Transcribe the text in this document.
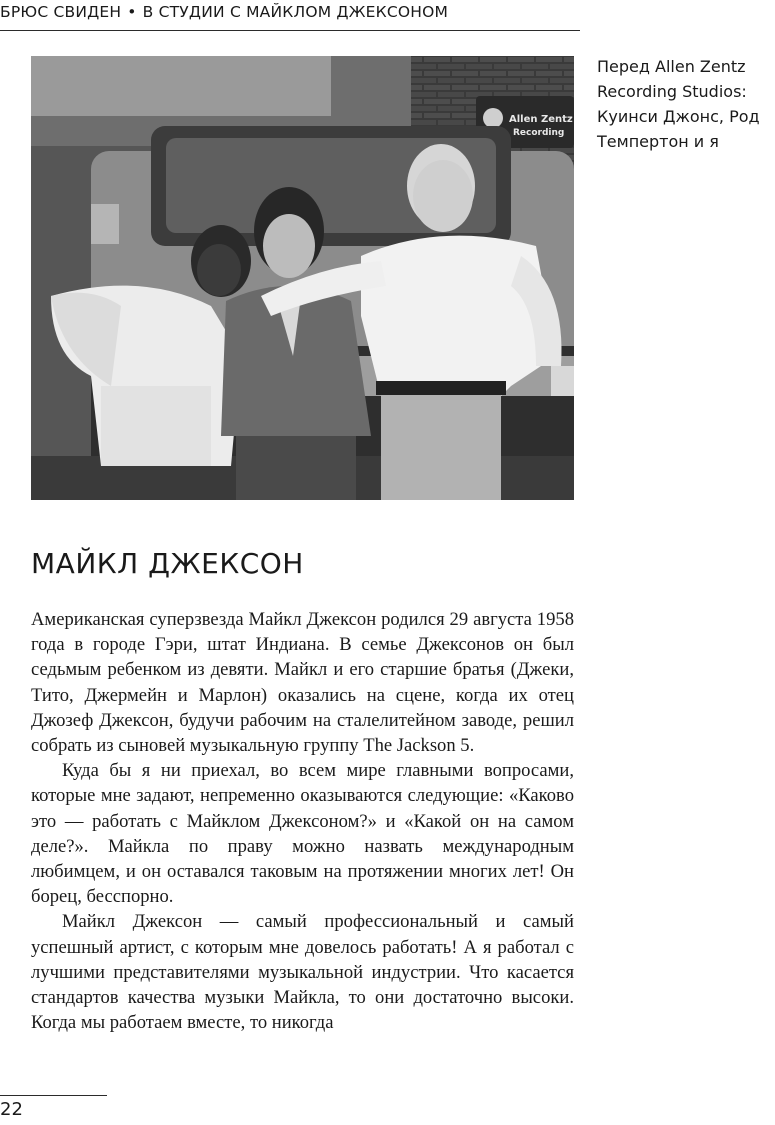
БРЮС СВИДЕН • В СТУДИИ С МАЙКЛОМ ДЖЕКСОНОМ
Allen Zentz
Recording
Перед Allen Zentz Recording Studios: Куинси Джонс, Род Темпертон и я
МАЙКЛ ДЖЕКСОН

Американская суперзвезда Майкл Джексон родился 29 августа 1958 года в городе Гэри, штат Индиана. В семье Джексонов он был седьмым ребенком из девяти. Майкл и его старшие братья (Джеки, Тито, Джермейн и Марлон) оказались на сцене, когда их отец Джозеф Джексон, будучи рабочим на сталелитейном заводе, решил собрать из сыновей музыкальную группу The Jackson 5.

Куда бы я ни приехал, во всем мире главными вопросами, которые мне задают, непременно оказываются следующие: «Каково это — работать с Майклом Джексоном?» и «Какой он на самом деле?». Майкла по праву можно назвать международным любимцем, и он оставался таковым на протяжении многих лет! Он борец, бесспорно.

Майкл Джексон — самый профессиональный и самый успешный артист, с которым мне довелось работать! А я работал с лучшими представителями музыкальной индустрии. Что касается стандартов качества музыки Майкла, то они достаточно высоки. Когда мы работаем вместе, то никогда

22
